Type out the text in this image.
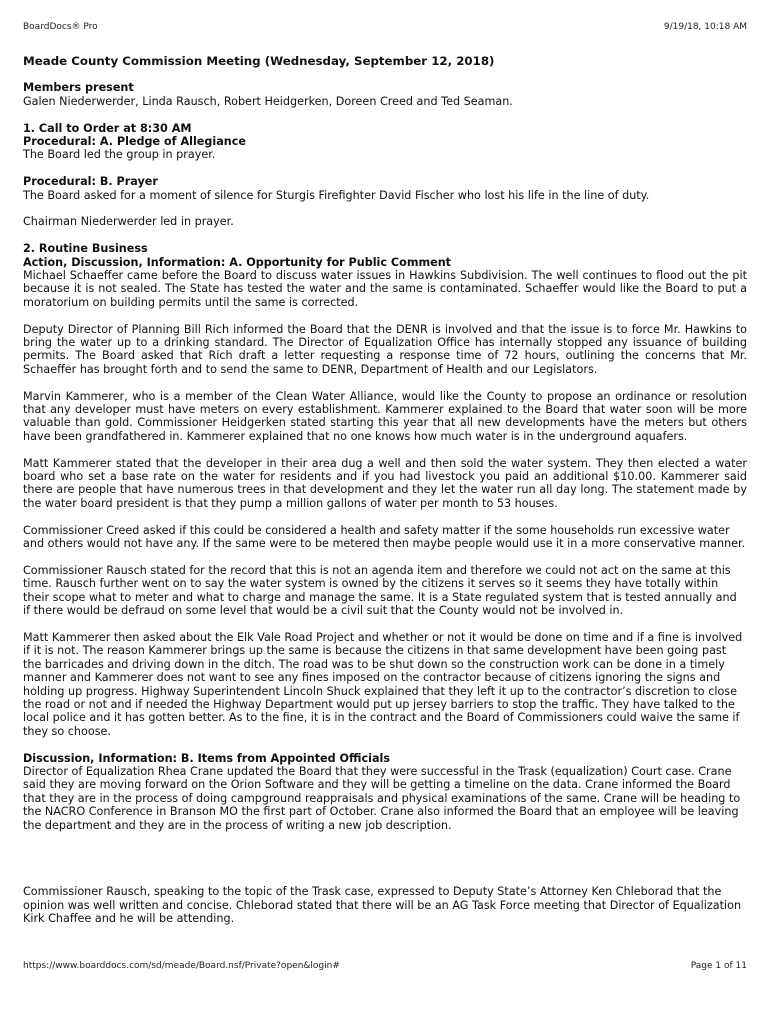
BoardDocs® Pro	9/19/18, 10:18 AM
Meade County Commission Meeting (Wednesday, September 12, 2018)
Members present

Galen Niederwerder, Linda Rausch, Robert Heidgerken, Doreen Creed and Ted Seaman.

1. Call to Order at 8:30 AM
Procedural: A. Pledge of Allegiance

The Board led the group in prayer.

Procedural: B. Prayer

The Board asked for a moment of silence for Sturgis Firefighter David Fischer who lost his life in the line of duty.

Chairman Niederwerder led in prayer.

2. Routine Business
Action, Discussion, Information: A. Opportunity for Public Comment

Michael Schaeffer came before the Board to discuss water issues in Hawkins Subdivision. The well continues to flood out the pit because it is not sealed. The State has tested the water and the same is contaminated. Schaeffer would like the Board to put a moratorium on building permits until the same is corrected.

Deputy Director of Planning Bill Rich informed the Board that the DENR is involved and that the issue is to force Mr. Hawkins to bring the water up to a drinking standard. The Director of Equalization Office has internally stopped any issuance of building permits. The Board asked that Rich draft a letter requesting a response time of 72 hours, outlining the concerns that Mr. Schaeffer has brought forth and to send the same to DENR, Department of Health and our Legislators.

Marvin Kammerer, who is a member of the Clean Water Alliance, would like the County to propose an ordinance or resolution that any developer must have meters on every establishment. Kammerer explained to the Board that water soon will be more valuable than gold. Commissioner Heidgerken stated starting this year that all new developments have the meters but others have been grandfathered in. Kammerer explained that no one knows how much water is in the underground aquafers.

Matt Kammerer stated that the developer in their area dug a well and then sold the water system. They then elected a water board who set a base rate on the water for residents and if you had livestock you paid an additional $10.00. Kammerer said there are people that have numerous trees in that development and they let the water run all day long. The statement made by the water board president is that they pump a million gallons of water per month to 53 houses.

Commissioner Creed asked if this could be considered a health and safety matter if the some households run excessive water and others would not have any. If the same were to be metered then maybe people would use it in a more conservative manner.

Commissioner Rausch stated for the record that this is not an agenda item and therefore we could not act on the same at this time. Rausch further went on to say the water system is owned by the citizens it serves so it seems they have totally within their scope what to meter and what to charge and manage the same. It is a State regulated system that is tested annually and if there would be defraud on some level that would be a civil suit that the County would not be involved in.

Matt Kammerer then asked about the Elk Vale Road Project and whether or not it would be done on time and if a fine is involved if it is not. The reason Kammerer brings up the same is because the citizens in that same development have been going past the barricades and driving down in the ditch. The road was to be shut down so the construction work can be done in a timely manner and Kammerer does not want to see any fines imposed on the contractor because of citizens ignoring the signs and holding up progress. Highway Superintendent Lincoln Shuck explained that they left it up to the contractor’s discretion to close the road or not and if needed the Highway Department would put up jersey barriers to stop the traffic. They have talked to the local police and it has gotten better. As to the fine, it is in the contract and the Board of Commissioners could waive the same if they so choose.

Discussion, Information: B. Items from Appointed Officials

Director of Equalization Rhea Crane updated the Board that they were successful in the Trask (equalization) Court case. Crane said they are moving forward on the Orion Software and they will be getting a timeline on the data. Crane informed the Board that they are in the process of doing campground reappraisals and physical examinations of the same. Crane will be heading to the NACRO Conference in Branson MO the first part of October. Crane also informed the Board that an employee will be leaving the department and they are in the process of writing a new job description.

Commissioner Rausch, speaking to the topic of the Trask case, expressed to Deputy State’s Attorney Ken Chleborad that the opinion was well written and concise. Chleborad stated that there will be an AG Task Force meeting that Director of Equalization Kirk Chaffee and he will be attending.

https://www.boarddocs.com/sd/meade/Board.nsf/Private?open&login#	Page 1 of 11
